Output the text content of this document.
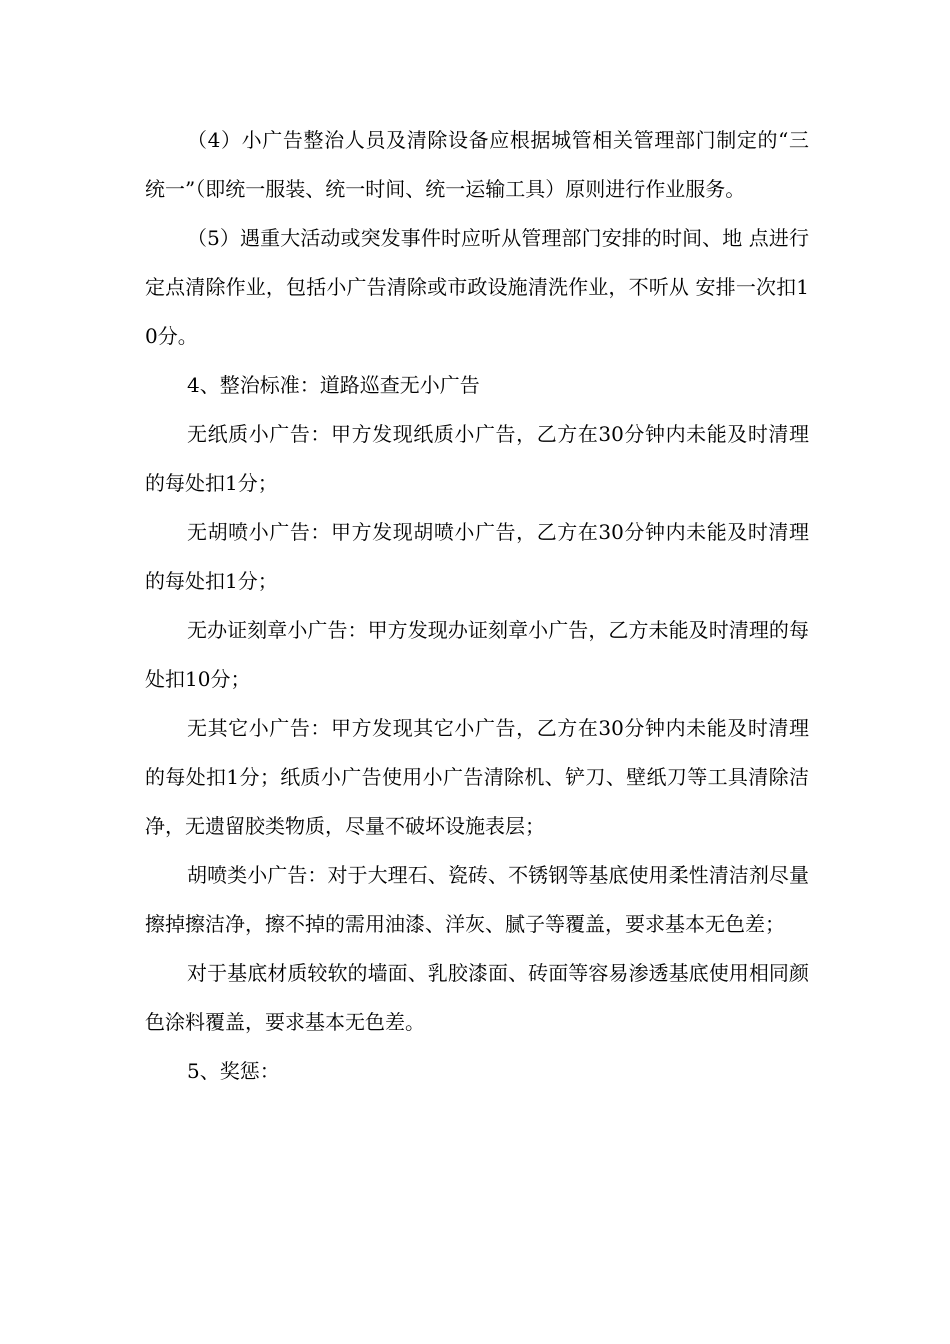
（4）小广告整治人员及清除设备应根据城管相关管理部门制定的“三统一”（即统一服装、统一时间、统一运输工具）原则进行作业服务。

（5）遇重大活动或突发事件时应听从管理部门安排的时间、地 点进行定点清除作业，包括小广告清除或市政设施清洗作业，不听从 安排一次扣10分。

4、整治标准：道路巡查无小广告

无纸质小广告：甲方发现纸质小广告，乙方在30分钟内未能及时清理的每处扣1分；

无胡喷小广告：甲方发现胡喷小广告，乙方在30分钟内未能及时清理的每处扣1分；

无办证刻章小广告：甲方发现办证刻章小广告，乙方未能及时清理的每处扣10分；

无其它小广告：甲方发现其它小广告，乙方在30分钟内未能及时清理的每处扣1分；纸质小广告使用小广告清除机、铲刀、壁纸刀等工具清除洁净，无遗留胶类物质，尽量不破坏设施表层；

胡喷类小广告：对于大理石、瓷砖、不锈钢等基底使用柔性清洁剂尽量擦掉擦洁净，擦不掉的需用油漆、洋灰、腻子等覆盖，要求基本无色差；

对于基底材质较软的墙面、乳胶漆面、砖面等容易渗透基底使用相同颜色涂料覆盖，要求基本无色差。

5、奖惩：
